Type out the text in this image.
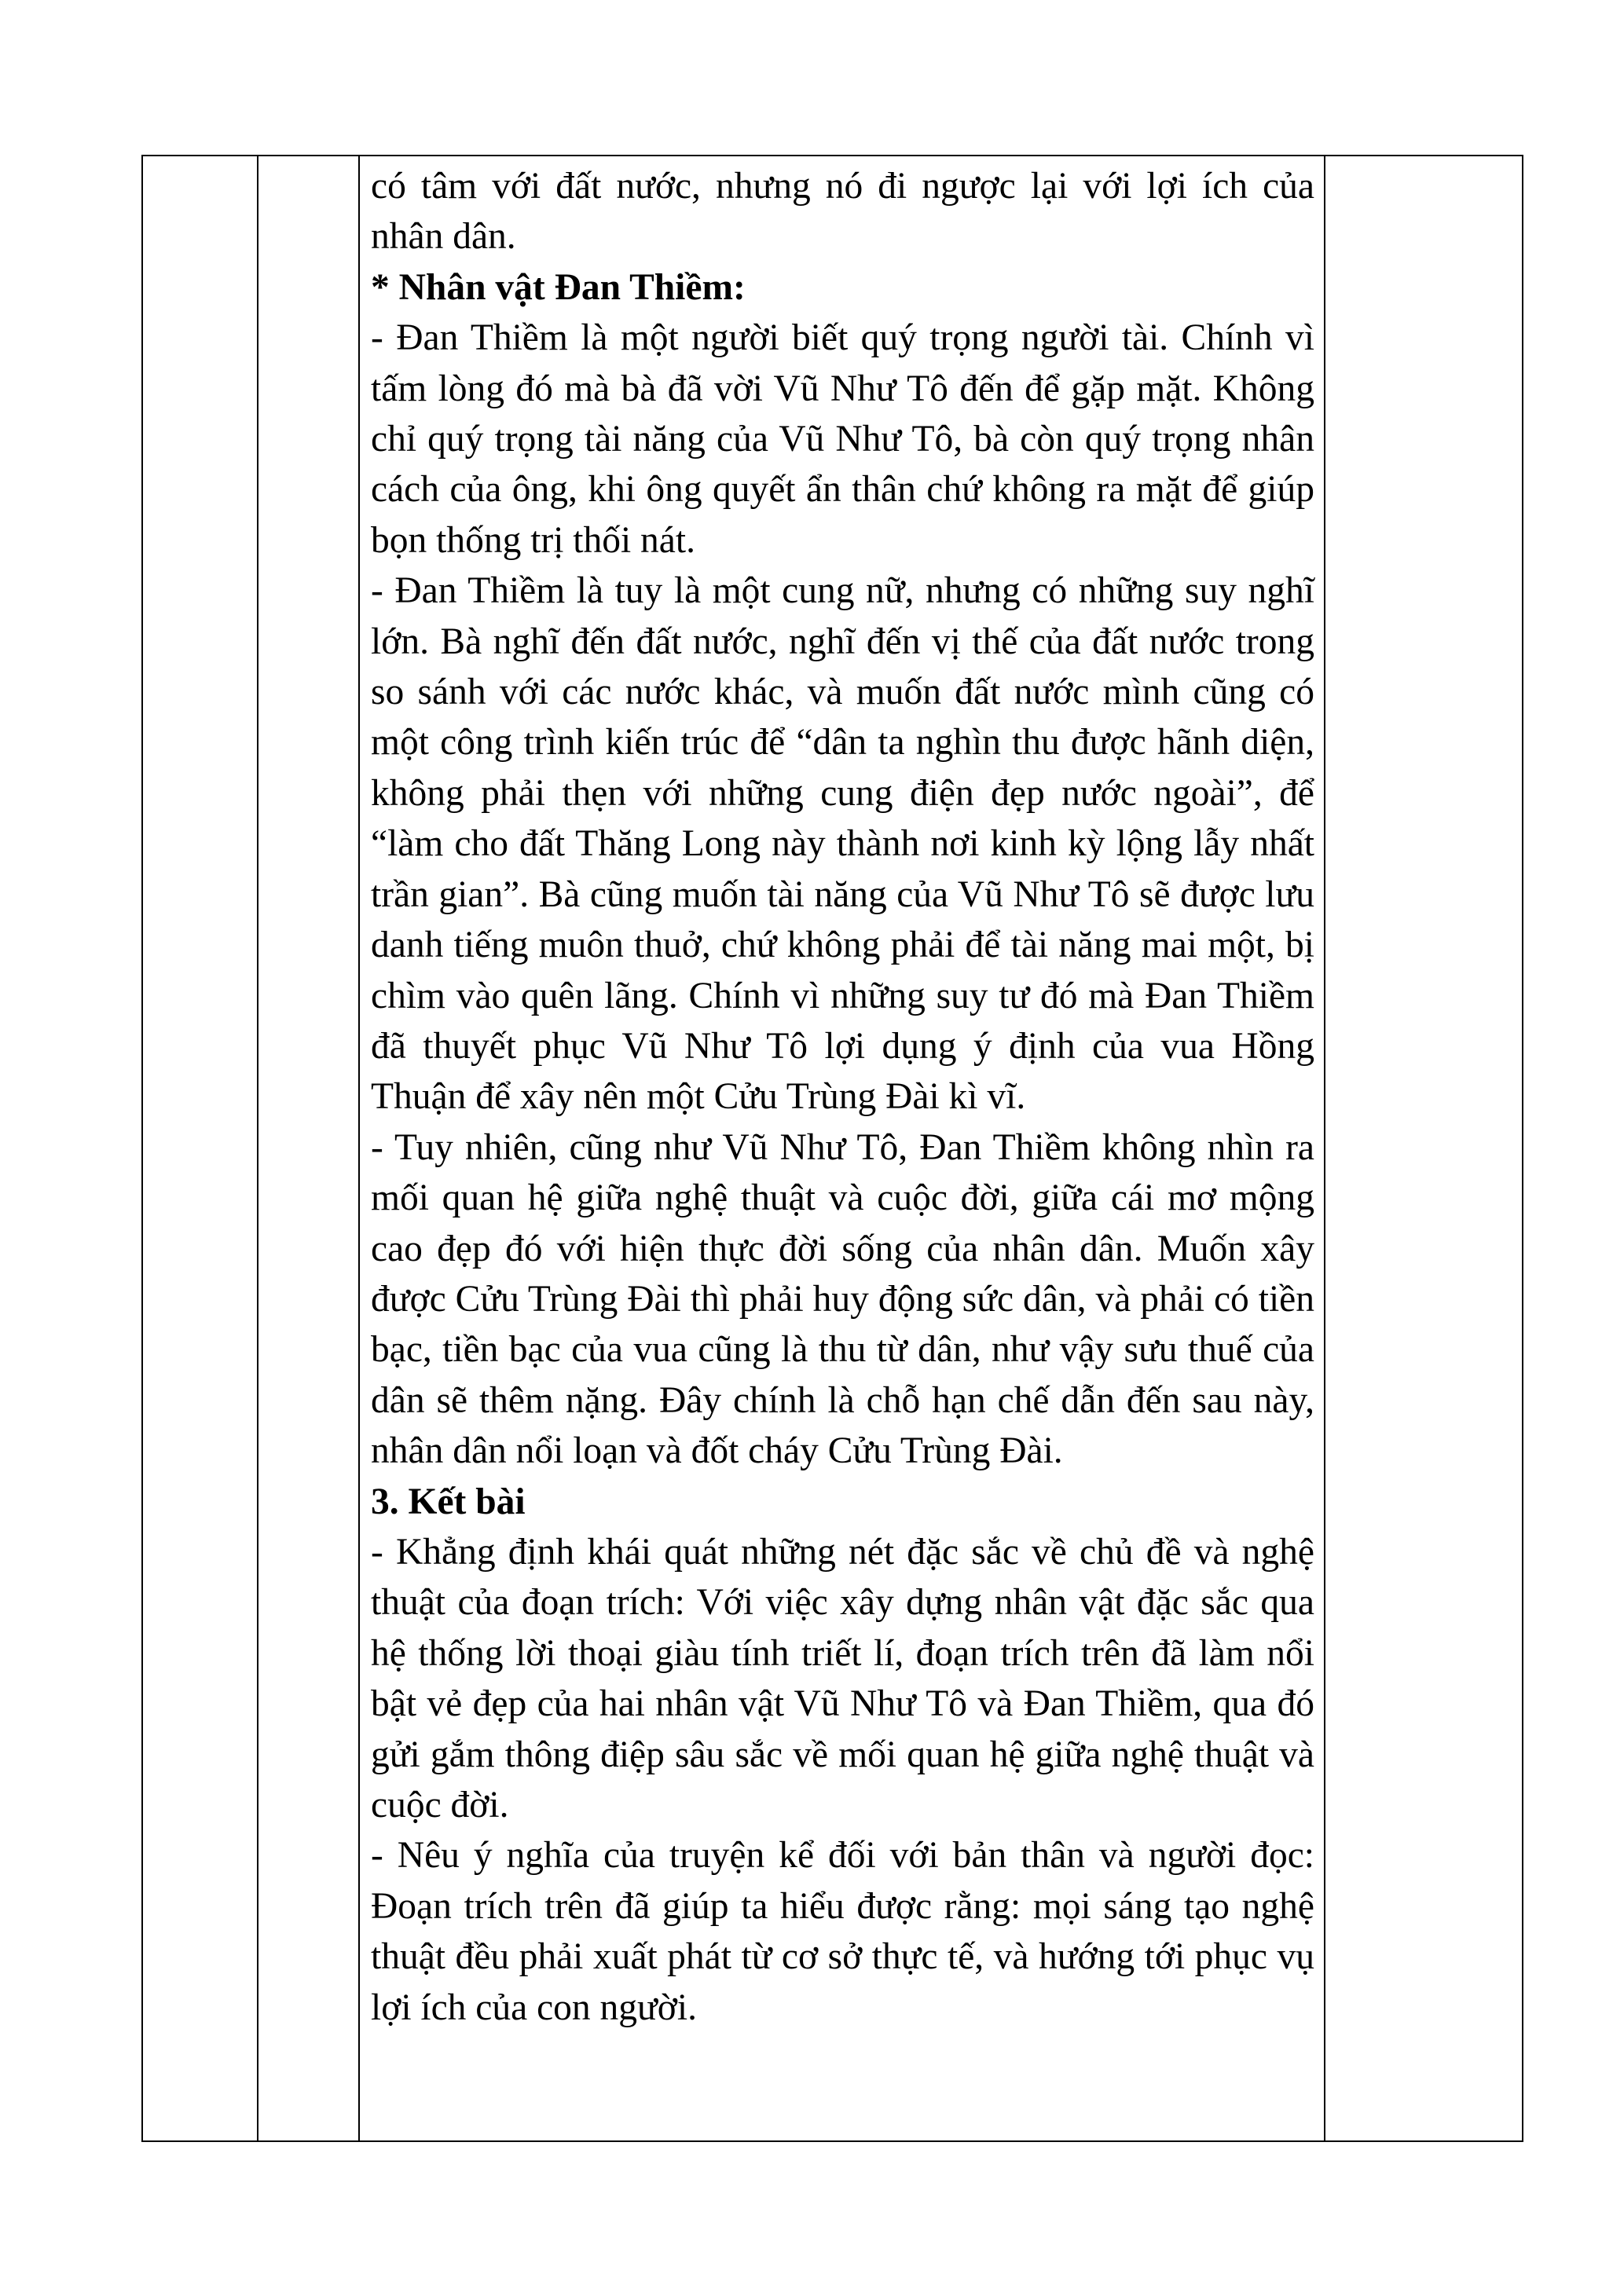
có tâm với đất nước, nhưng nó đi ngược lại với lợi ích của nhân dân.

* Nhân vật Đan Thiềm:

- Đan Thiềm là một người biết quý trọng người tài. Chính vì tấm lòng đó mà bà đã vời Vũ Như Tô đến để gặp mặt. Không chỉ quý trọng tài năng của Vũ Như Tô, bà còn quý trọng nhân cách của ông, khi ông quyết ẩn thân chứ không ra mặt để giúp bọn thống trị thối nát.

- Đan Thiềm là tuy là một cung nữ, nhưng có những suy nghĩ lớn. Bà nghĩ đến đất nước, nghĩ đến vị thế của đất nước trong so sánh với các nước khác, và muốn đất nước mình cũng có một công trình kiến trúc để “dân ta nghìn thu được hãnh diện, không phải thẹn với những cung điện đẹp nước ngoài”, để “làm cho đất Thăng Long này thành nơi kinh kỳ lộng lẫy nhất trần gian”. Bà cũng muốn tài năng của Vũ Như Tô sẽ được lưu danh tiếng muôn thuở, chứ không phải để tài năng mai một, bị chìm vào quên lãng. Chính vì những suy tư đó mà Đan Thiềm đã thuyết phục Vũ Như Tô lợi dụng ý định của vua Hồng Thuận để xây nên một Cửu Trùng Đài kì vĩ.

- Tuy nhiên, cũng như Vũ Như Tô, Đan Thiềm không nhìn ra mối quan hệ giữa nghệ thuật và cuộc đời, giữa cái mơ mộng cao đẹp đó với hiện thực đời sống của nhân dân. Muốn xây được Cửu Trùng Đài thì phải huy động sức dân, và phải có tiền bạc, tiền bạc của vua cũng là thu từ dân, như vậy sưu thuế của dân sẽ thêm nặng. Đây chính là chỗ hạn chế dẫn đến sau này, nhân dân nổi loạn và đốt cháy Cửu Trùng Đài.

3. Kết bài

- Khẳng định khái quát những nét đặc sắc về chủ đề và nghệ thuật của đoạn trích: Với việc xây dựng nhân vật đặc sắc qua hệ thống lời thoại giàu tính triết lí, đoạn trích trên đã làm nổi bật vẻ đẹp của hai nhân vật Vũ Như Tô và Đan Thiềm, qua đó gửi gắm thông điệp sâu sắc về mối quan hệ giữa nghệ thuật và cuộc đời.

- Nêu ý nghĩa của truyện kể đối với bản thân và người đọc: Đoạn trích trên đã giúp ta hiểu được rằng: mọi sáng tạo nghệ thuật đều phải xuất phát từ cơ sở thực tế, và hướng tới phục vụ lợi ích của con người.
